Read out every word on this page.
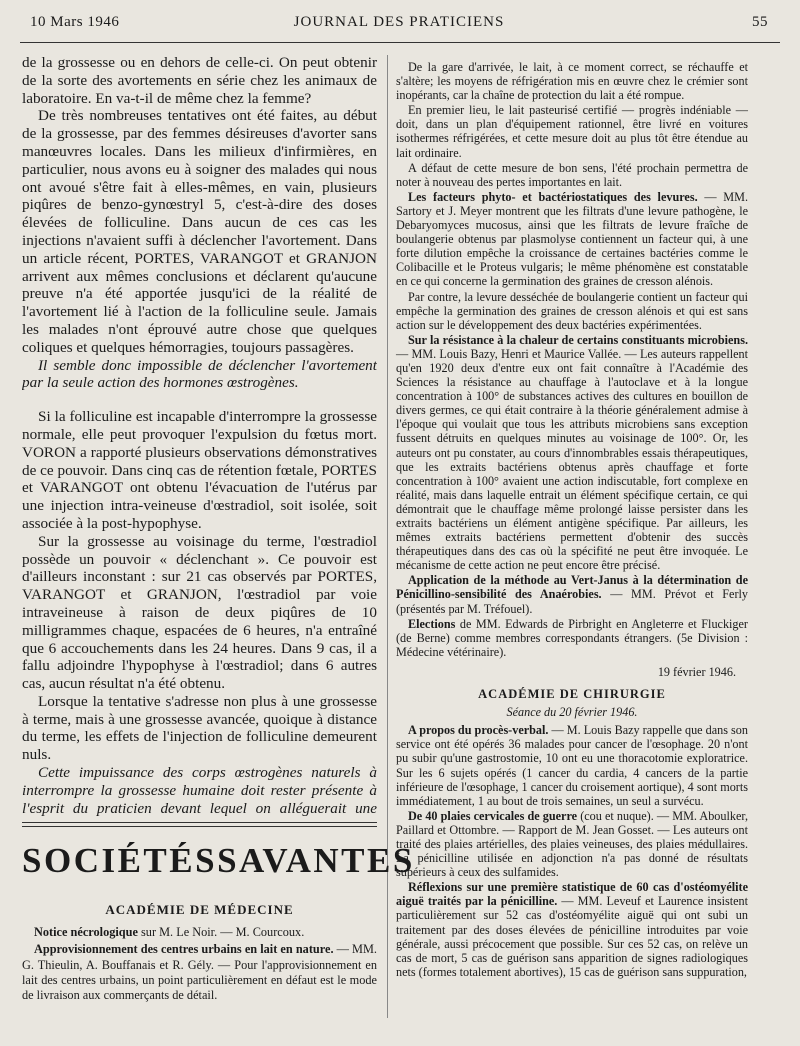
10 Mars 1946	JOURNAL DES PRATICIENS	55

de la grossesse ou en dehors de celle-ci. On peut obtenir de la sorte des avortements en série chez les animaux de laboratoire. En va-t-il de même chez la femme?

De très nombreuses tentatives ont été faites, au début de la grossesse, par des femmes désireuses d'avorter sans manœuvres locales. Dans les milieux d'infirmières, en particulier, nous avons eu à soigner des malades qui nous ont avoué s'être fait à elles-mêmes, en vain, plusieurs piqûres de benzo-gynœstryl 5, c'est-à-dire des doses élevées de folliculine. Dans aucun de ces cas les injections n'avaient suffi à déclencher l'avortement. Dans un article récent, PORTES, VARANGOT et GRANJON arrivent aux mêmes conclusions et déclarent qu'aucune preuve n'a été apportée jusqu'ici de la réalité de l'avortement lié à l'action de la folliculine seule. Jamais les malades n'ont éprouvé autre chose que quelques coliques et quelques hémorragies, toujours passagères.

Il semble donc impossible de déclencher l'avortement par la seule action des hormones œstrogènes.

Si la folliculine est incapable d'interrompre la grossesse normale, elle peut provoquer l'expulsion du fœtus mort. VORON a rapporté plusieurs observations démonstratives de ce pouvoir. Dans cinq cas de rétention fœtale, PORTES et VARANGOT ont obtenu l'évacuation de l'utérus par une injection intra-veineuse d'œstradiol, soit isolée, soit associée à la post-hypophyse.

Sur la grossesse au voisinage du terme, l'œstradiol possède un pouvoir « déclenchant ». Ce pouvoir est d'ailleurs inconstant : sur 21 cas observés par PORTES, VARANGOT et GRANJON, l'œstradiol par voie intraveineuse à raison de deux piqûres de 10 milligrammes chaque, espacées de 6 heures, n'a entraîné que 6 accouchements dans les 24 heures. Dans 9 cas, il a fallu adjoindre l'hypophyse à l'œstradiol; dans 6 autres cas, aucun résultat n'a été obtenu.

Lorsque la tentative s'adresse non plus à une grossesse à terme, mais à une grossesse avancée, quoique à distance du terme, les effets de l'injection de folliculine demeurent nuls.

Cette impuissance des corps œstrogènes naturels à interrompre la grossesse humaine doit rester présente à l'esprit du praticien devant lequel on alléguerait une

SOCIÉTÉS SAVANTES
ACADÉMIE DE MÉDECINE

Notice nécrologique sur M. Le Noir. — M. Courcoux.

Approvisionnement des centres urbains en lait en nature. — MM. G. Thieulin, A. Bouffanais et R. Gély. — Pour l'approvisionnement en lait des centres urbains, un point particulièrement en défaut est le mode de livraison aux commerçants de détail.

De la gare d'arrivée, le lait, à ce moment correct, se réchauffe et s'altère; les moyens de réfrigération mis en œuvre chez le crémier sont inopérants, car la chaîne de protection du lait a été rompue.

En premier lieu, le lait pasteurisé certifié — progrès indéniable — doit, dans un plan d'équipement rationnel, être livré en voitures isothermes réfrigérées, et cette mesure doit au plus tôt être étendue au lait ordinaire.

A défaut de cette mesure de bon sens, l'été prochain permettra de noter à nouveau des pertes importantes en lait.

Les facteurs phyto- et bactériostatiques des levures. — MM. Sartory et J. Meyer montrent que les filtrats d'une levure pathogène, le Debaryomyces mucosus, ainsi que les filtrats de levure fraîche de boulangerie obtenus par plasmolyse contiennent un facteur qui, à une forte dilution empêche la croissance de certaines bactéries comme le Colibacille et le Proteus vulgaris; le même phénomène est constatable en ce qui concerne la germination des graines de cresson alénois.

Par contre, la levure desséchée de boulangerie contient un facteur qui empêche la germination des graines de cresson alénois et qui est sans action sur le développement des deux bactéries expérimentées.

Sur la résistance à la chaleur de certains constituants microbiens. — MM. Louis Bazy, Henri et Maurice Vallée. — Les auteurs rappellent qu'en 1920 deux d'entre eux ont fait connaître à l'Académie des Sciences la résistance au chauffage à l'autoclave et à la longue concentration à 100° de substances actives des cultures en bouillon de divers germes, ce qui était contraire à la théorie généralement admise à l'époque qui voulait que tous les attributs microbiens sans exception fussent détruits en quelques minutes au voisinage de 100°. Or, les auteurs ont pu constater, au cours d'innombrables essais thérapeutiques, que les extraits bactériens obtenus après chauffage et forte concentration à 100° avaient une action indiscutable, fort complexe en réalité, mais dans laquelle entrait un élément spécifique certain, ce qui démontrait que le chauffage même prolongé laisse persister dans les extraits bactériens un élément antigène spécifique. Par ailleurs, les mêmes extraits bactériens permettent d'obtenir des succès thérapeutiques dans des cas où la spécifité ne peut être invoquée. Le mécanisme de cette action ne peut encore être précisé.

Application de la méthode au Vert-Janus à la détermination de Pénicillino-sensibilité des Anaérobies. — MM. Prévot et Ferly (présentés par M. Tréfouel).

Elections de MM. Edwards de Pirbright en Angleterre et Fluckiger (de Berne) comme membres correspondants étrangers. (5e Division : Médecine vétérinaire).

19 février 1946.

ACADÉMIE DE CHIRURGIE

Séance du 20 février 1946.

A propos du procès-verbal. — M. Louis Bazy rappelle que dans son service ont été opérés 36 malades pour cancer de l'œsophage. 20 n'ont pu subir qu'une gastrostomie, 10 ont eu une thoracotomie exploratrice. Sur les 6 sujets opérés (1 cancer du cardia, 4 cancers de la partie inférieure de l'œsophage, 1 cancer du croisement aortique), 4 sont morts immédiatement, 1 au bout de trois semaines, un seul a survécu.

De 40 plaies cervicales de guerre (cou et nuque). — MM. Aboulker, Paillard et Ottombre. — Rapport de M. Jean Gosset. — Les auteurs ont traité des plaies artérielles, des plaies veineuses, des plaies médullaires. La pénicilline utilisée en adjonction n'a pas donné de résultats supérieurs à ceux des sulfamides.

Réflexions sur une première statistique de 60 cas d'ostéomyélite aiguë traités par la pénicilline. — MM. Leveuf et Laurence insistent particulièrement sur 52 cas d'ostéomyélite aiguë qui ont subi un traitement par des doses élevées de pénicilline introduites par voie générale, aussi précocement que possible. Sur ces 52 cas, on relève un cas de mort, 5 cas de guérison sans apparition de signes radiologiques nets (formes totalement abortives), 15 cas de guérison sans suppuration,
